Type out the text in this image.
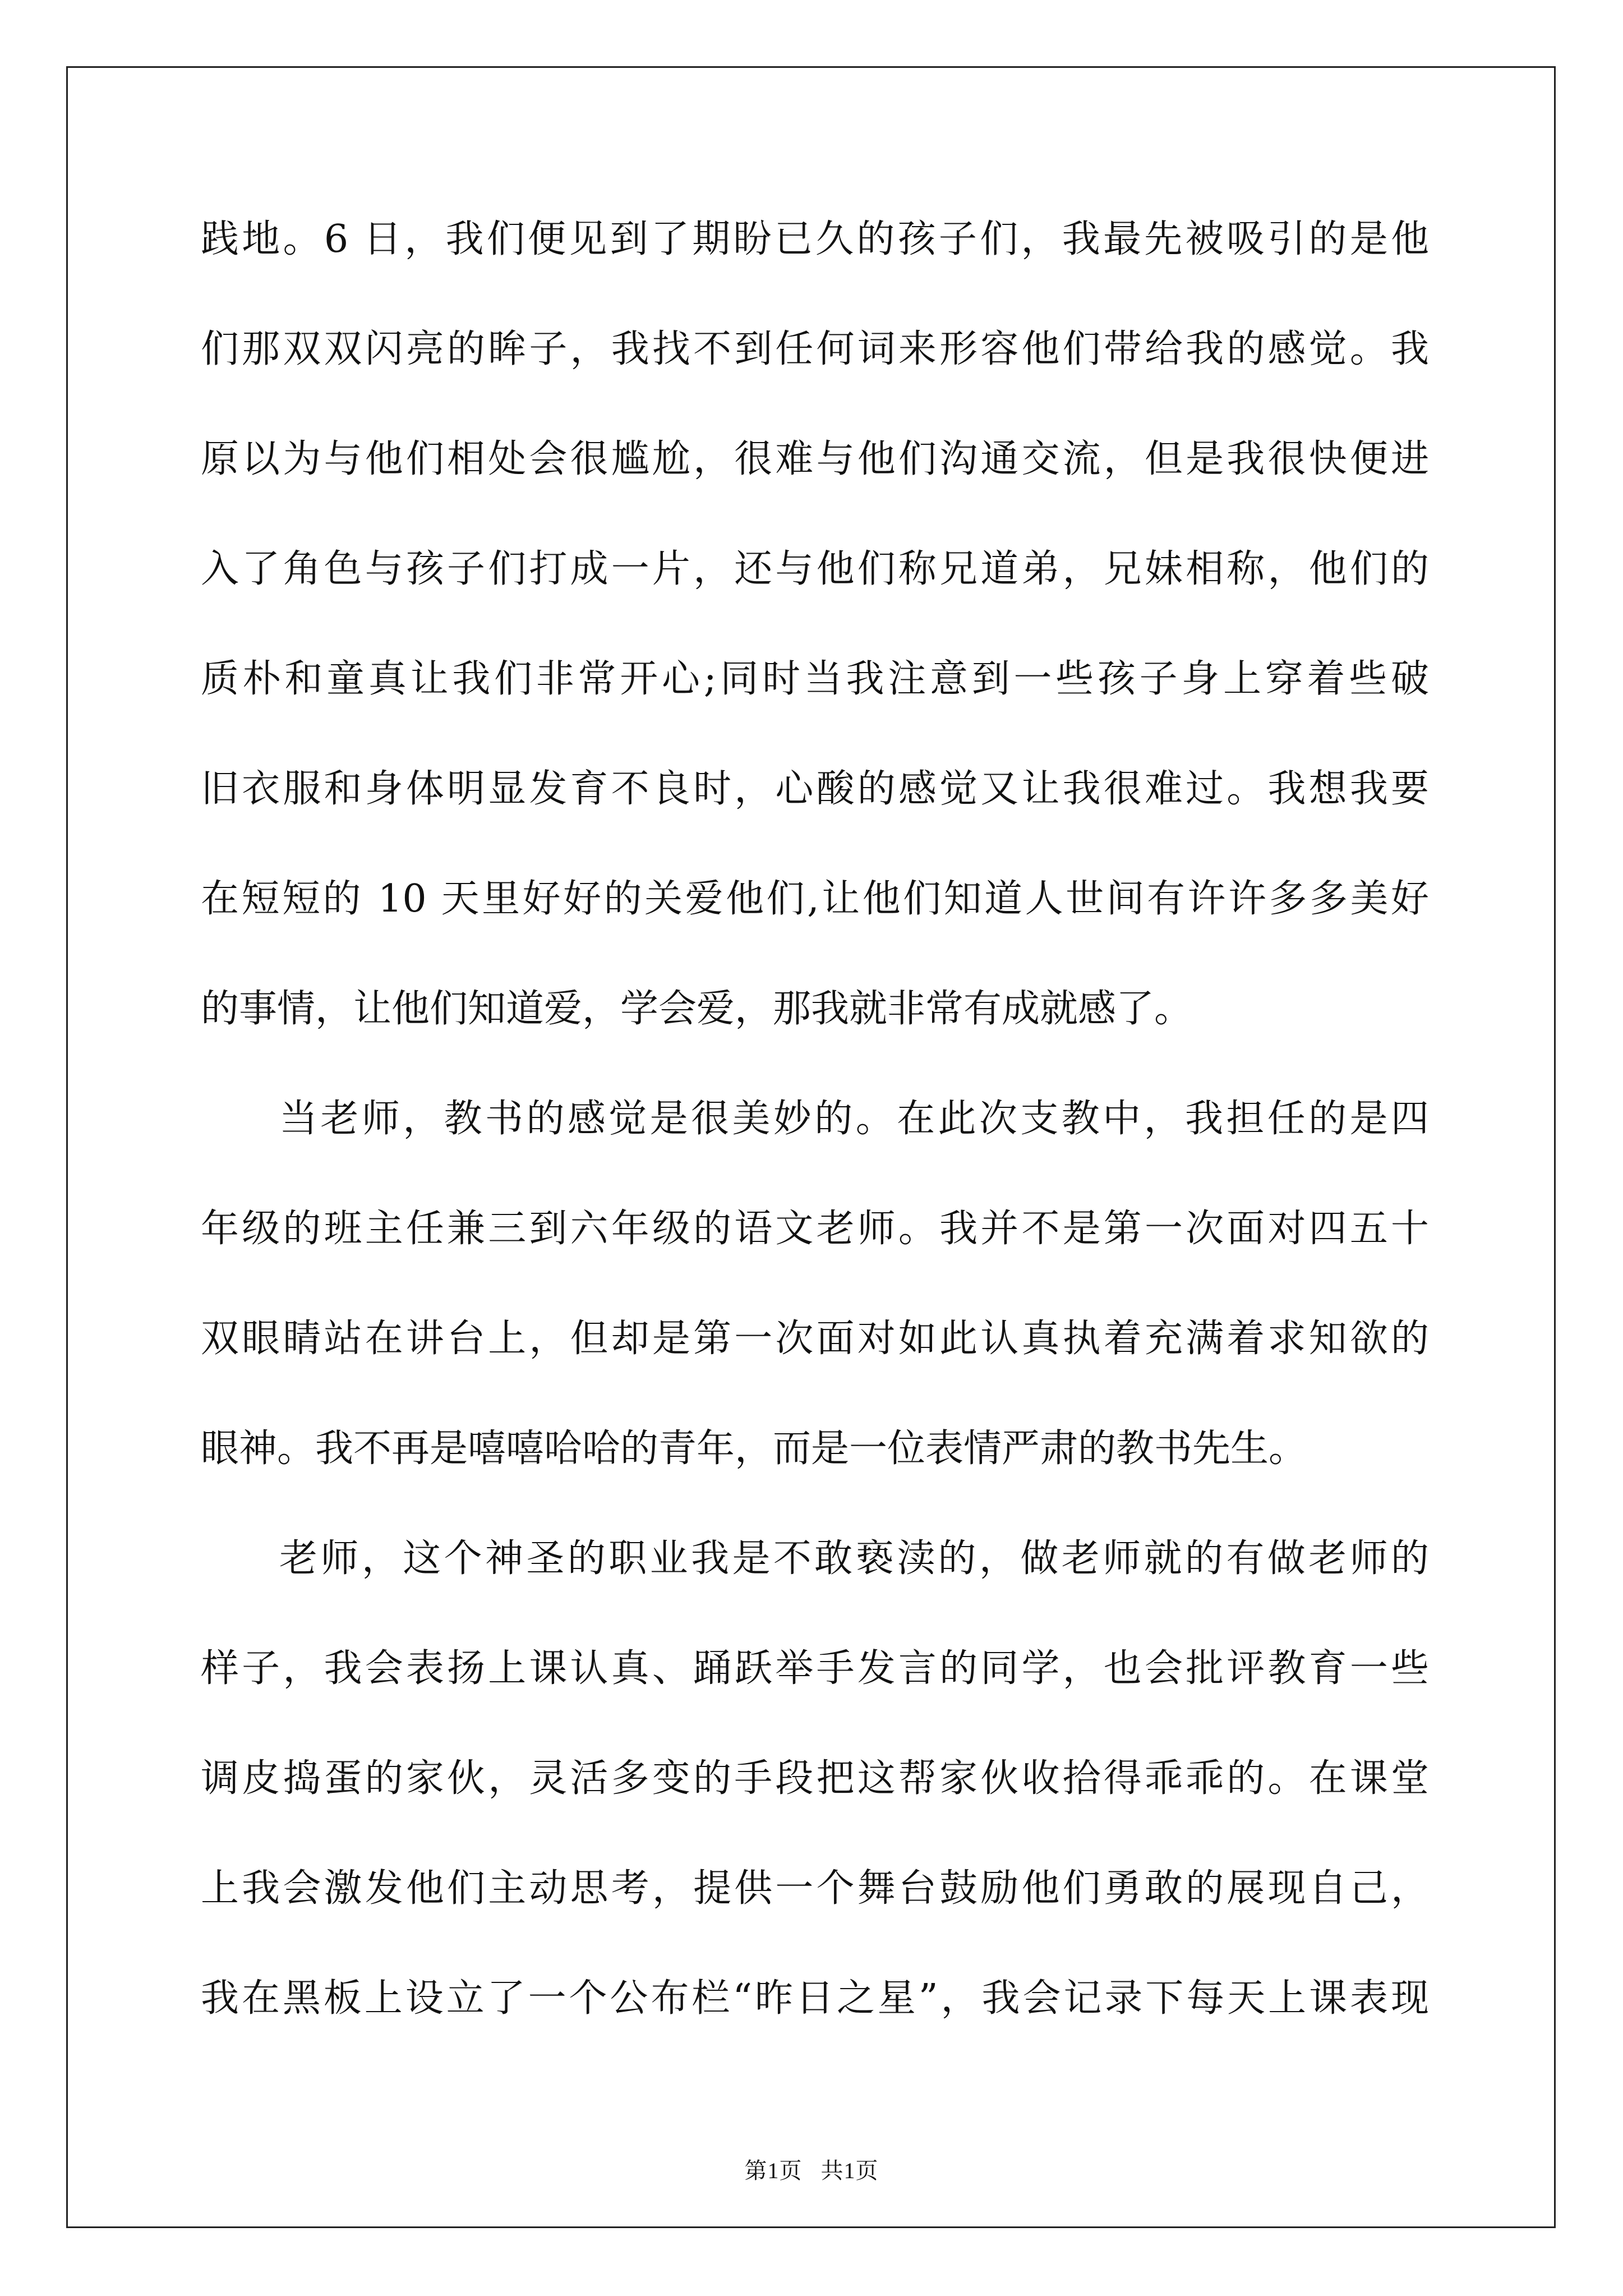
践地。6 日，我们便见到了期盼已久的孩子们，我最先被吸引的是他
们那双双闪亮的眸子，我找不到任何词来形容他们带给我的感觉。我
原以为与他们相处会很尴尬，很难与他们沟通交流，但是我很快便进
入了角色与孩子们打成一片，还与他们称兄道弟，兄妹相称，他们的
质朴和童真让我们非常开心;同时当我注意到一些孩子身上穿着些破
旧衣服和身体明显发育不良时，心酸的感觉又让我很难过。我想我要
在短短的 10 天里好好的关爱他们,让他们知道人世间有许许多多美好
的事情，让他们知道爱，学会爱，那我就非常有成就感了。
当老师，教书的感觉是很美妙的。在此次支教中，我担任的是四
年级的班主任兼三到六年级的语文老师。我并不是第一次面对四五十
双眼睛站在讲台上，但却是第一次面对如此认真执着充满着求知欲的
眼神。我不再是嘻嘻哈哈的青年，而是一位表情严肃的教书先生。
老师，这个神圣的职业我是不敢亵渎的，做老师就的有做老师的
样子，我会表扬上课认真、踊跃举手发言的同学，也会批评教育一些
调皮捣蛋的家伙，灵活多变的手段把这帮家伙收拾得乖乖的。在课堂
上我会激发他们主动思考，提供一个舞台鼓励他们勇敢的展现自己，
我在黑板上设立了一个公布栏“昨日之星”，我会记录下每天上课表现
第1页   共1页
